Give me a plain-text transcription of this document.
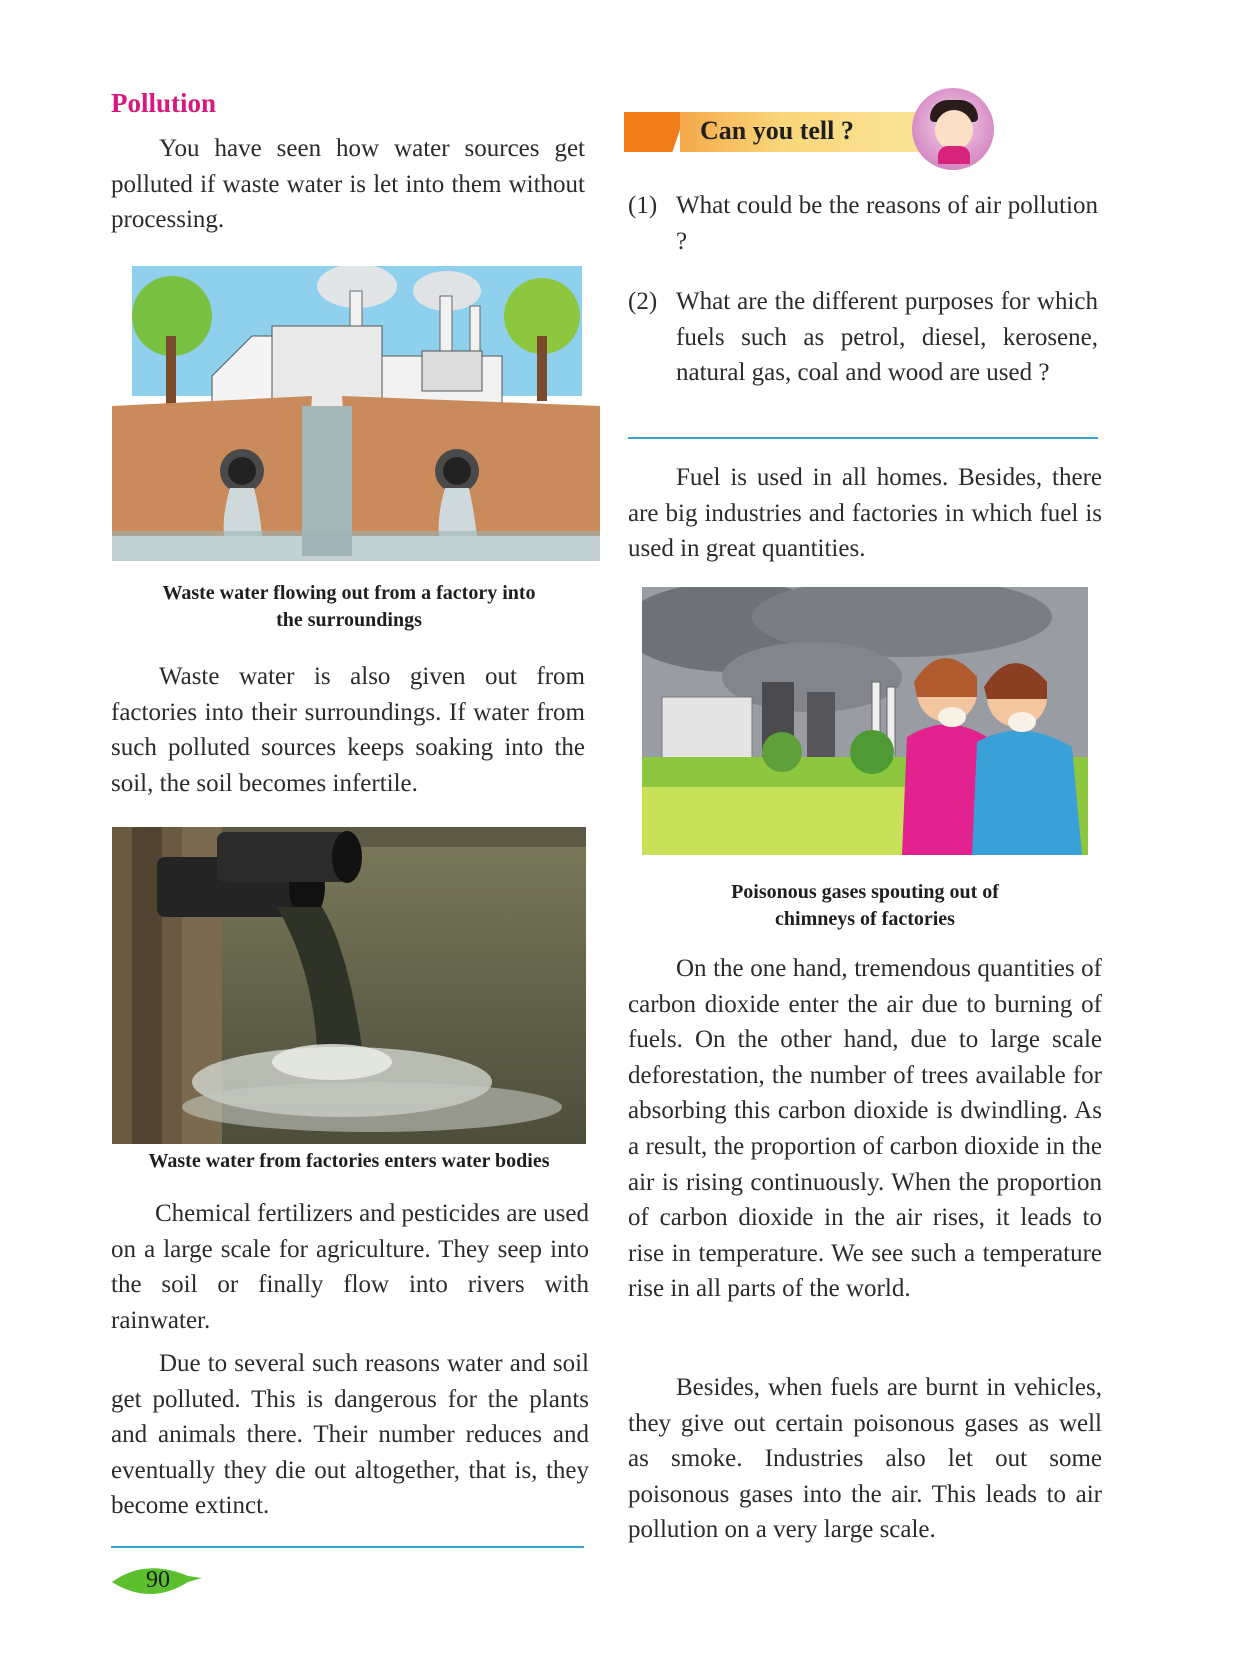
Pollution

You have seen how water sources get polluted if waste water is let into them without processing.

Waste water flowing out from a factory into

the surroundings

Waste water is also given out from factories into their surroundings. If water from such polluted sources keeps soaking into the soil, the soil becomes infertile.

Waste water from factories enters water bodies

Chemical fertilizers and pesticides are used on a large scale for agriculture. They seep into the soil or finally flow into rivers with rainwater.

Due to several such reasons water and soil get polluted. This is dangerous for the plants and animals there. Their number reduces and eventually they die out altogether, that is, they become extinct.

Can you tell ?
(1) What could be the reasons of air pollution ?
(2) What are the different purposes for which fuels such as petrol, diesel, kerosene, natural gas, coal and wood are used ?

Fuel is used in all homes. Besides, there are big industries and factories in which fuel is used in great quantities.

Poisonous gases spouting out of

chimneys of factories

On the one hand, tremendous quantities of carbon dioxide enter the air due to burning of fuels. On the other hand, due to large scale deforestation, the number of trees available for absorbing this carbon dioxide is dwindling. As a result, the proportion of carbon dioxide in the air is rising continuously. When the proportion of carbon dioxide in the air rises, it leads to rise in temperature. We see such a temperature rise in all parts of the world.

Besides, when fuels are burnt in vehicles, they give out certain poisonous gases as well as smoke. Industries also let out some poisonous gases into the air. This leads to air pollution on a very large scale.

90
